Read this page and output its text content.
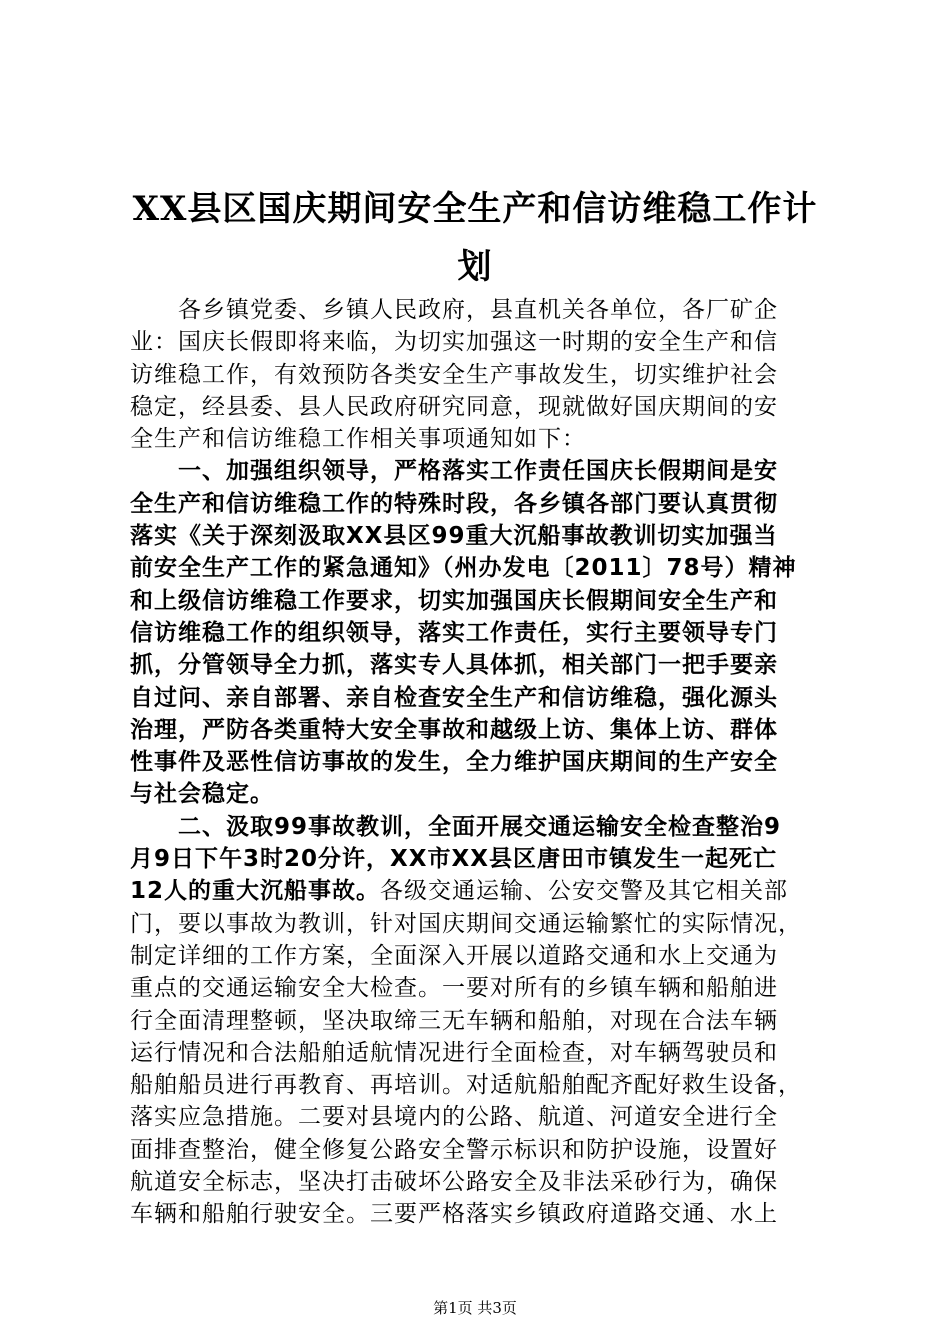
XX县区国庆期间安全生产和信访维稳工作计
划
　　各乡镇党委、乡镇人民政府，县直机关各单位，各厂矿企
业：国庆长假即将来临，为切实加强这一时期的安全生产和信
访维稳工作，有效预防各类安全生产事故发生，切实维护社会
稳定，经县委、县人民政府研究同意，现就做好国庆期间的安
全生产和信访维稳工作相关事项通知如下：
　　一、加强组织领导，严格落实工作责任国庆长假期间是安
全生产和信访维稳工作的特殊时段，各乡镇各部门要认真贯彻
落实《关于深刻汲取XX县区99重大沉船事故教训切实加强当
前安全生产工作的紧急通知》（州办发电〔2011〕78号）精神
和上级信访维稳工作要求，切实加强国庆长假期间安全生产和
信访维稳工作的组织领导，落实工作责任，实行主要领导专门
抓，分管领导全力抓，落实专人具体抓，相关部门一把手要亲
自过问、亲自部署、亲自检查安全生产和信访维稳，强化源头
治理，严防各类重特大安全事故和越级上访、集体上访、群体
性事件及恶性信访事故的发生，全力维护国庆期间的生产安全
与社会稳定。
　　二、汲取99事故教训，全面开展交通运输安全检查整治9
月9日下午3时20分许，XX市XX县区唐田市镇发生一起死亡
12人的重大沉船事故。各级交通运输、公安交警及其它相关部
门，要以事故为教训，针对国庆期间交通运输繁忙的实际情况，
制定详细的工作方案，全面深入开展以道路交通和水上交通为
重点的交通运输安全大检查。一要对所有的乡镇车辆和船舶进
行全面清理整顿，坚决取缔三无车辆和船舶，对现在合法车辆
运行情况和合法船舶适航情况进行全面检查，对车辆驾驶员和
船舶船员进行再教育、再培训。对适航船舶配齐配好救生设备，
落实应急措施。二要对县境内的公路、航道、河道安全进行全
面排查整治，健全修复公路安全警示标识和防护设施，设置好
航道安全标志，坚决打击破坏公路安全及非法采砂行为，确保
车辆和船舶行驶安全。三要严格落实乡镇政府道路交通、水上
第1页 共3页
